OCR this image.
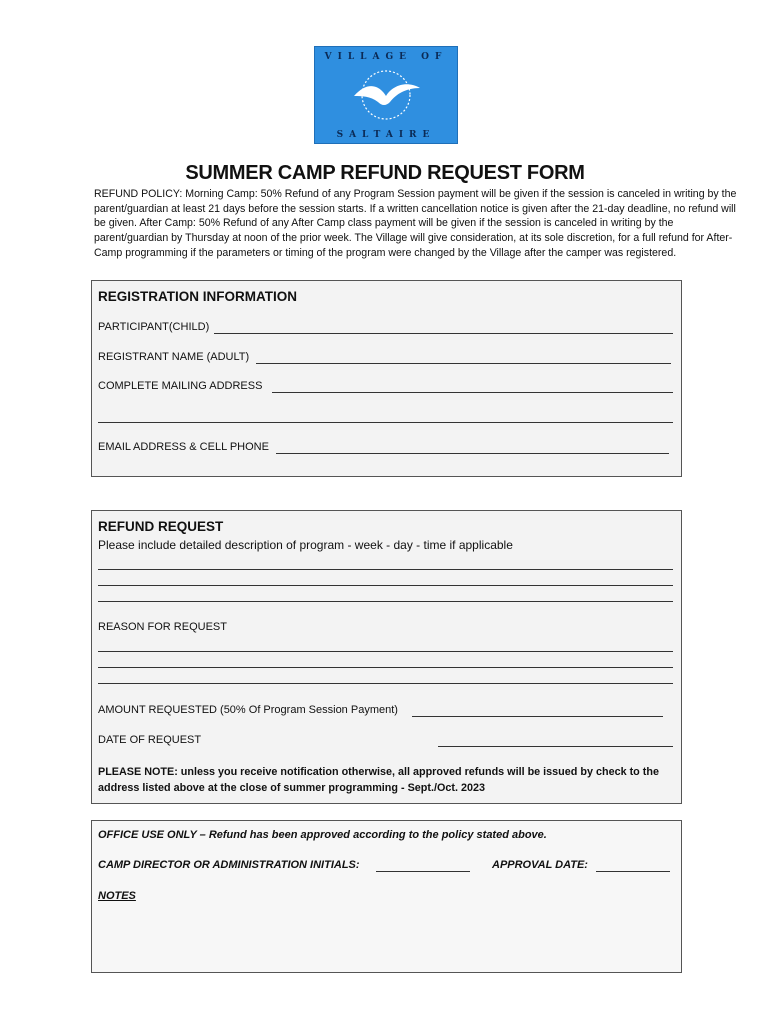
VILLAGE OF
SALTAIRE
SUMMER CAMP REFUND REQUEST FORM
REFUND POLICY: Morning Camp: 50% Refund of any Program Session payment will be given if the session is canceled in writing by the parent/guardian at least 21 days before the session starts. If a written cancellation notice is given after the 21-day deadline, no refund will be given. After Camp: 50% Refund of any After Camp class payment will be given if the session is canceled in writing by the parent/guardian by Thursday at noon of the prior week. The Village will give consideration, at its sole discretion, for a full refund for After-Camp programming if the parameters or timing of the program were changed by the Village after the camper was registered.
REGISTRATION INFORMATION
PARTICIPANT(CHILD)
REGISTRANT NAME (ADULT)
COMPLETE MAILING ADDRESS
EMAIL ADDRESS & CELL PHONE
REFUND REQUEST
Please include detailed description of program - week - day - time if applicable
REASON FOR REQUEST
AMOUNT REQUESTED (50% Of Program Session Payment)
DATE OF REQUEST
PLEASE NOTE: unless you receive notification otherwise, all approved refunds will be issued by check to the address listed above at the close of summer programming - Sept./Oct. 2023
OFFICE USE ONLY – Refund has been approved according to the policy stated above.
CAMP DIRECTOR OR ADMINISTRATION INITIALS:	APPROVAL DATE:
NOTES
